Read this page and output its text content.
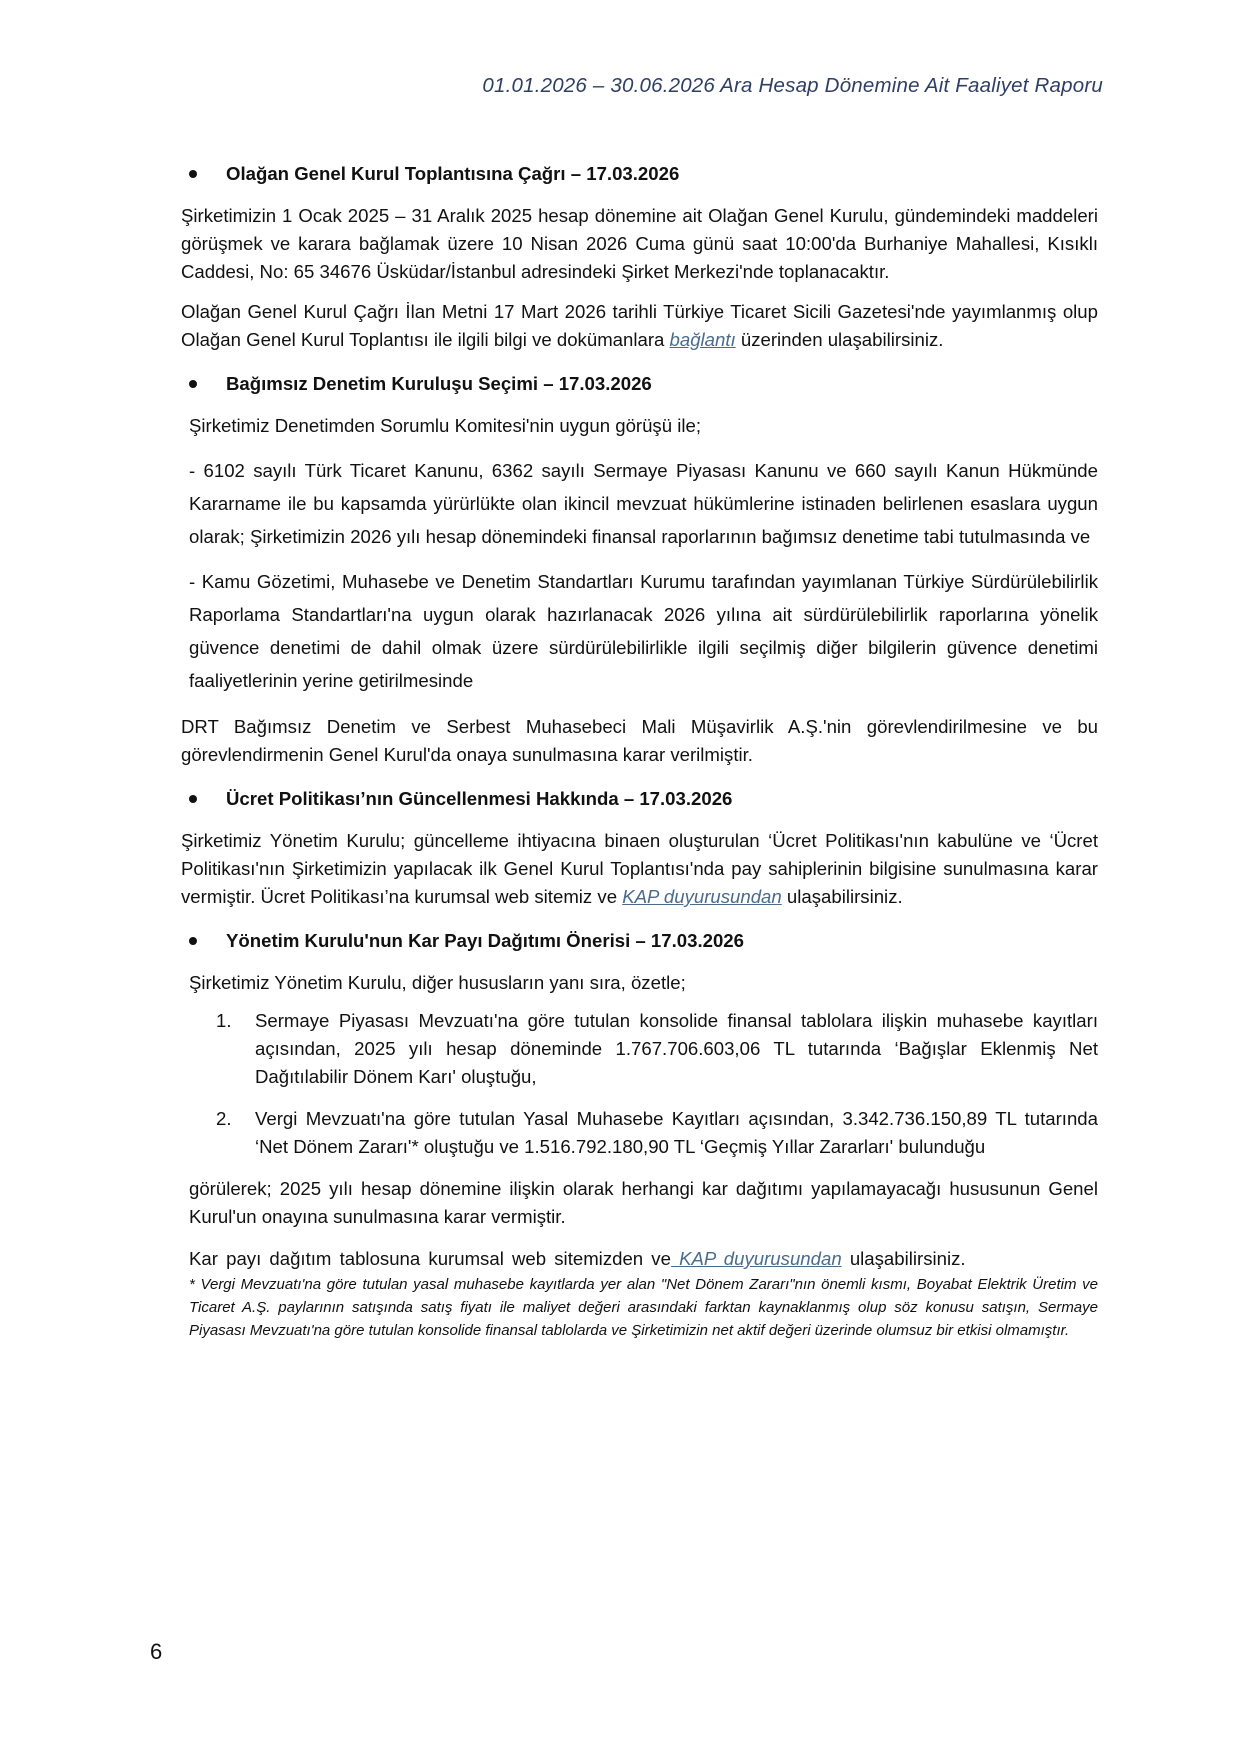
01.01.2026 – 30.06.2026 Ara Hesap Dönemine Ait Faaliyet Raporu
Olağan Genel Kurul Toplantısına Çağrı – 17.03.2026

Şirketimizin 1 Ocak 2025 – 31 Aralık 2025 hesap dönemine ait Olağan Genel Kurulu, gündemindeki maddeleri görüşmek ve karara bağlamak üzere 10 Nisan 2026 Cuma günü saat 10:00'da Burhaniye Mahallesi, Kısıklı Caddesi, No: 65 34676 Üsküdar/İstanbul adresindeki Şirket Merkezi'nde toplanacaktır.

Olağan Genel Kurul Çağrı İlan Metni 17 Mart 2026 tarihli Türkiye Ticaret Sicili Gazetesi'nde yayımlanmış olup Olağan Genel Kurul Toplantısı ile ilgili bilgi ve dokümanlara bağlantı üzerinden ulaşabilirsiniz.

Bağımsız Denetim Kuruluşu Seçimi – 17.03.2026

Şirketimiz Denetimden Sorumlu Komitesi'nin uygun görüşü ile;

- 6102 sayılı Türk Ticaret Kanunu, 6362 sayılı Sermaye Piyasası Kanunu ve 660 sayılı Kanun Hükmünde Kararname ile bu kapsamda yürürlükte olan ikincil mevzuat hükümlerine istinaden belirlenen esaslara uygun olarak; Şirketimizin 2026 yılı hesap dönemindeki finansal raporlarının bağımsız denetime tabi tutulmasında ve

- Kamu Gözetimi, Muhasebe ve Denetim Standartları Kurumu tarafından yayımlanan Türkiye Sürdürülebilirlik Raporlama Standartları'na uygun olarak hazırlanacak 2026 yılına ait sürdürülebilirlik raporlarına yönelik güvence denetimi de dahil olmak üzere sürdürülebilirlikle ilgili seçilmiş diğer bilgilerin güvence denetimi faaliyetlerinin yerine getirilmesinde

DRT Bağımsız Denetim ve Serbest Muhasebeci Mali Müşavirlik A.Ş.'nin görevlendirilmesine ve bu görevlendirmenin Genel Kurul'da onaya sunulmasına karar verilmiştir.

Ücret Politikası’nın Güncellenmesi Hakkında – 17.03.2026

Şirketimiz Yönetim Kurulu; güncelleme ihtiyacına binaen oluşturulan ‘Ücret Politikası'nın kabulüne ve ‘Ücret Politikası'nın Şirketimizin yapılacak ilk Genel Kurul Toplantısı'nda pay sahiplerinin bilgisine sunulmasına karar vermiştir. Ücret Politikası’na kurumsal web sitemiz ve KAP duyurusundan ulaşabilirsiniz.

Yönetim Kurulu'nun Kar Payı Dağıtımı Önerisi – 17.03.2026

Şirketimiz Yönetim Kurulu, diğer hususların yanı sıra, özetle;

1. Sermaye Piyasası Mevzuatı'na göre tutulan konsolide finansal tablolara ilişkin muhasebe kayıtları açısından, 2025 yılı hesap döneminde 1.767.706.603,06 TL tutarında ‘Bağışlar Eklenmiş Net Dağıtılabilir Dönem Karı' oluştuğu,
2. Vergi Mevzuatı'na göre tutulan Yasal Muhasebe Kayıtları açısından, 3.342.736.150,89 TL tutarında ‘Net Dönem Zararı'* oluştuğu ve 1.516.792.180,90 TL ‘Geçmiş Yıllar Zararları' bulunduğu

görülerek; 2025 yılı hesap dönemine ilişkin olarak herhangi kar dağıtımı yapılamayacağı hususunun Genel Kurul'un onayına sunulmasına karar vermiştir.

Kar payı dağıtım tablosuna kurumsal web sitemizden ve KAP duyurusundan ulaşabilirsiniz.

* Vergi Mevzuatı'na göre tutulan yasal muhasebe kayıtlarda yer alan "Net Dönem Zararı"nın önemli kısmı, Boyabat Elektrik Üretim ve Ticaret A.Ş. paylarının satışında satış fiyatı ile maliyet değeri arasındaki farktan kaynaklanmış olup söz konusu satışın, Sermaye Piyasası Mevzuatı'na göre tutulan konsolide finansal tablolarda ve Şirketimizin net aktif değeri üzerinde olumsuz bir etkisi olmamıştır.

6
